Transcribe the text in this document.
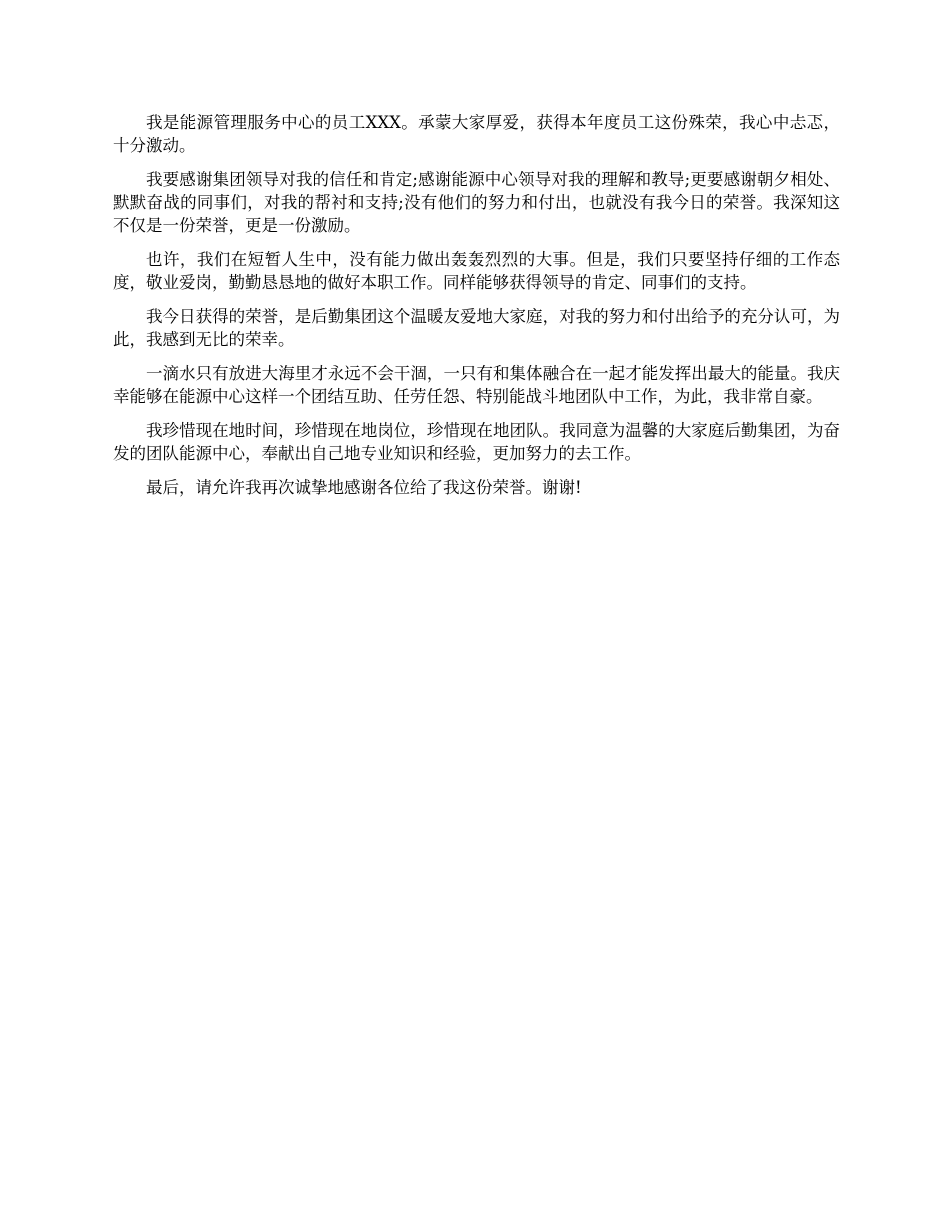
我是能源管理服务中心的员工XXX。承蒙大家厚爱，获得本年度员工这份殊荣，我心中忐忑，十分激动。

我要感谢集团领导对我的信任和肯定;感谢能源中心领导对我的理解和教导;更要感谢朝夕相处、默默奋战的同事们，对我的帮衬和支持;没有他们的努力和付出，也就没有我今日的荣誉。我深知这不仅是一份荣誉，更是一份激励。

也许，我们在短暂人生中，没有能力做出轰轰烈烈的大事。但是，我们只要坚持仔细的工作态度，敬业爱岗，勤勤恳恳地的做好本职工作。同样能够获得领导的肯定、同事们的支持。

我今日获得的荣誉，是后勤集团这个温暖友爱地大家庭，对我的努力和付出给予的充分认可，为此，我感到无比的荣幸。

一滴水只有放进大海里才永远不会干涸，一只有和集体融合在一起才能发挥出最大的能量。我庆幸能够在能源中心这样一个团结互助、任劳任怨、特别能战斗地团队中工作，为此，我非常自豪。

我珍惜现在地时间，珍惜现在地岗位，珍惜现在地团队。我同意为温馨的大家庭后勤集团，为奋发的团队能源中心，奉献出自己地专业知识和经验，更加努力的去工作。

最后，请允许我再次诚挚地感谢各位给了我这份荣誉。谢谢!
